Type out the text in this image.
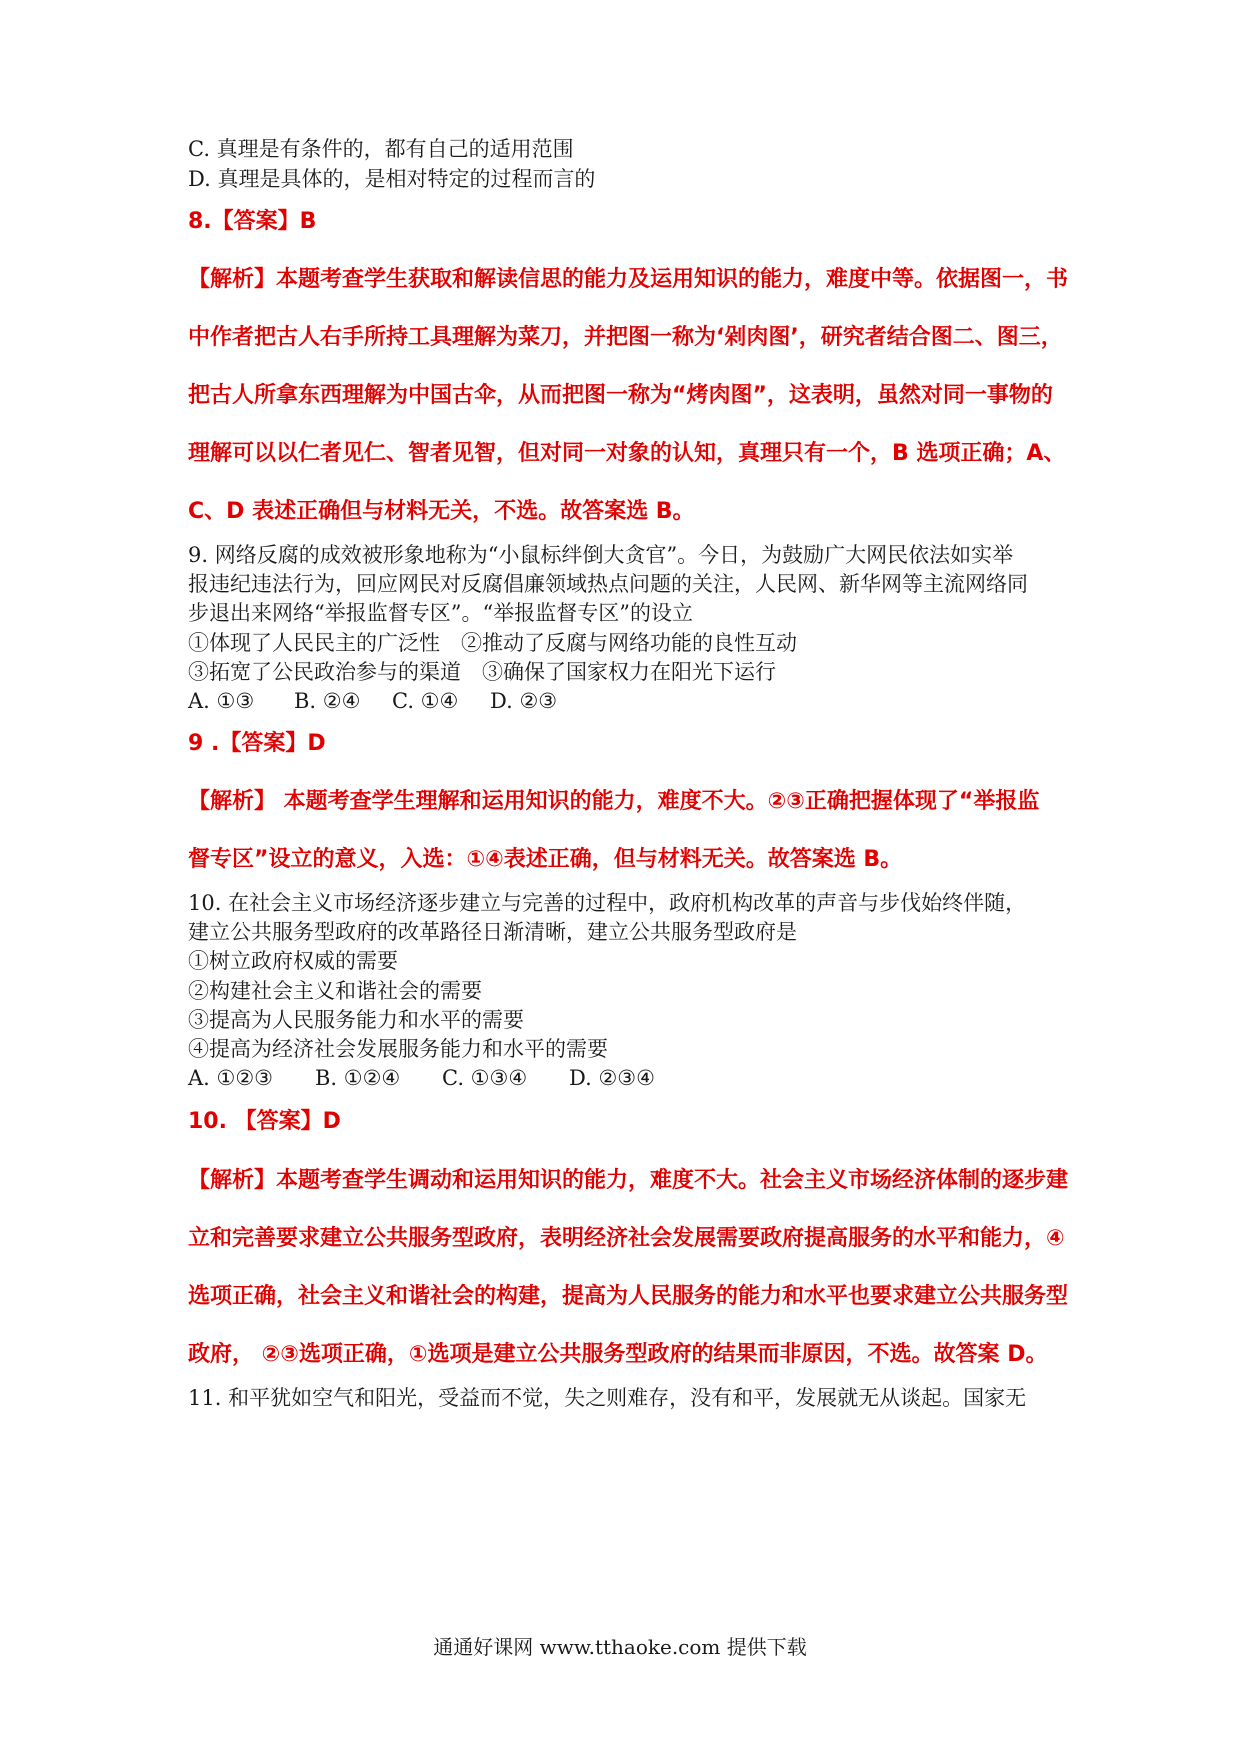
C. 真理是有条件的，都有自己的适用范围
D. 真理是具体的，是相对特定的过程而言的
8.【答案】B
【解析】本题考查学生获取和解读信思的能力及运用知识的能力，难度中等。依据图一，书
中作者把古人右手所持工具理解为菜刀，并把图一称为‘剁肉图’，研究者结合图二、图三，
把古人所拿东西理解为中国古伞，从而把图一称为“烤肉图”，这表明，虽然对同一事物的
理解可以以仁者见仁、智者见智，但对同一对象的认知，真理只有一个，B 选项正确；A、
C、D 表述正确但与材料无关，不选。故答案选 B。
9. 网络反腐的成效被形象地称为“小鼠标绊倒大贪官”。今日，为鼓励广大网民依法如实举
报违纪违法行为，回应网民对反腐倡廉领域热点问题的关注，人民网、新华网等主流网络同
步退出来网络“举报监督专区”。“举报监督专区”的设立
①体现了人民民主的广泛性　②推动了反腐与网络功能的良性互动
③拓宽了公民政治参与的渠道　③确保了国家权力在阳光下运行
A. ①③ B. ②④ C. ①④ D. ②③
9 .【答案】D
【解析】 本题考查学生理解和运用知识的能力，难度不大。②③正确把握体现了“举报监
督专区”设立的意义，入选：①④表述正确，但与材料无关。故答案选 B。
10. 在社会主义市场经济逐步建立与完善的过程中，政府机构改革的声音与步伐始终伴随，
建立公共服务型政府的改革路径日渐清晰，建立公共服务型政府是
①树立政府权威的需要
②构建社会主义和谐社会的需要
③提高为人民服务能力和水平的需要
④提高为经济社会发展服务能力和水平的需要
A. ①②③ B. ①②④ C. ①③④ D. ②③④
10. 【答案】D
【解析】本题考查学生调动和运用知识的能力，难度不大。社会主义市场经济体制的逐步建
立和完善要求建立公共服务型政府，表明经济社会发展需要政府提高服务的水平和能力，④
选项正确，社会主义和谐社会的构建，提高为人民服务的能力和水平也要求建立公共服务型
政府， ②③选项正确，①选项是建立公共服务型政府的结果而非原因，不选。故答案 D。
11. 和平犹如空气和阳光，受益而不觉，失之则难存，没有和平，发展就无从谈起。国家无
通通好课网 www.tthaoke.com 提供下载
